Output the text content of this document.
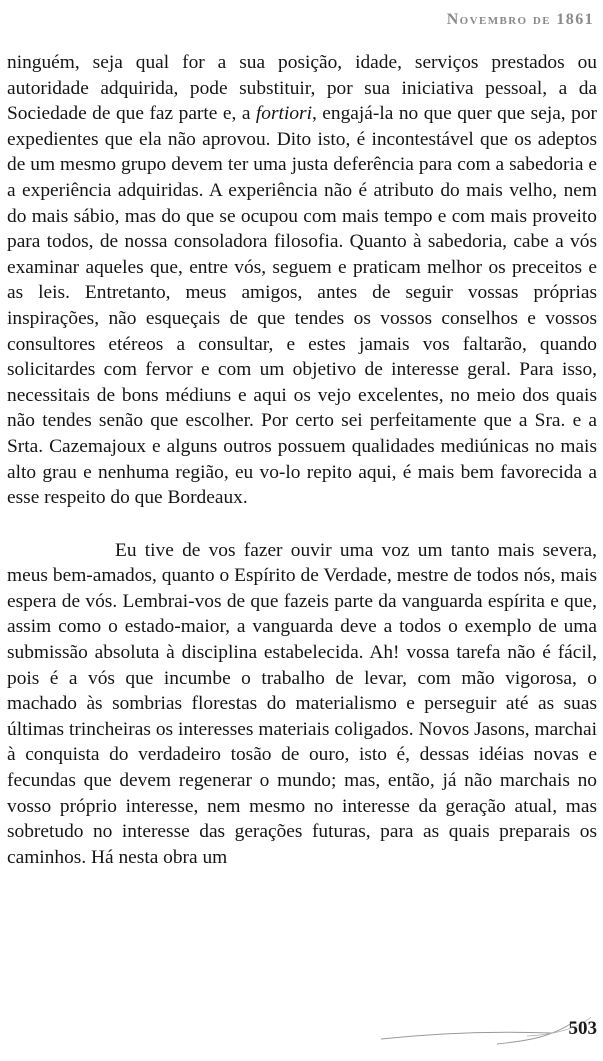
Novembro de 1861

ninguém, seja qual for a sua posição, idade, serviços prestados ou autoridade adquirida, pode substituir, por sua iniciativa pessoal, a da Sociedade de que faz parte e, a fortiori, engajá-la no que quer que seja, por expedientes que ela não aprovou. Dito isto, é incontestável que os adeptos de um mesmo grupo devem ter uma justa deferência para com a sabedoria e a experiência adquiridas. A experiência não é atributo do mais velho, nem do mais sábio, mas do que se ocupou com mais tempo e com mais proveito para todos, de nossa consoladora filosofia. Quanto à sabedoria, cabe a vós examinar aqueles que, entre vós, seguem e praticam melhor os preceitos e as leis. Entretanto, meus amigos, antes de seguir vossas próprias inspirações, não esqueçais de que tendes os vossos conselhos e vossos consultores etéreos a consultar, e estes jamais vos faltarão, quando solicitardes com fervor e com um objetivo de interesse geral. Para isso, necessitais de bons médiuns e aqui os vejo excelentes, no meio dos quais não tendes senão que escolher. Por certo sei perfeitamente que a Sra. e a Srta. Cazemajoux e alguns outros possuem qualidades mediúnicas no mais alto grau e nenhuma região, eu vo-lo repito aqui, é mais bem favorecida a esse respeito do que Bordeaux.

Eu tive de vos fazer ouvir uma voz um tanto mais severa, meus bem-amados, quanto o Espírito de Verdade, mestre de todos nós, mais espera de vós. Lembrai-vos de que fazeis parte da vanguarda espírita e que, assim como o estado-maior, a vanguarda deve a todos o exemplo de uma submissão absoluta à disciplina estabelecida. Ah! vossa tarefa não é fácil, pois é a vós que incumbe o trabalho de levar, com mão vigorosa, o machado às sombrias florestas do materialismo e perseguir até as suas últimas trincheiras os interesses materiais coligados. Novos Jasons, marchai à conquista do verdadeiro tosão de ouro, isto é, dessas idéias novas e fecundas que devem regenerar o mundo; mas, então, já não marchais no vosso próprio interesse, nem mesmo no interesse da geração atual, mas sobretudo no interesse das gerações futuras, para as quais preparais os caminhos. Há nesta obra um

503
